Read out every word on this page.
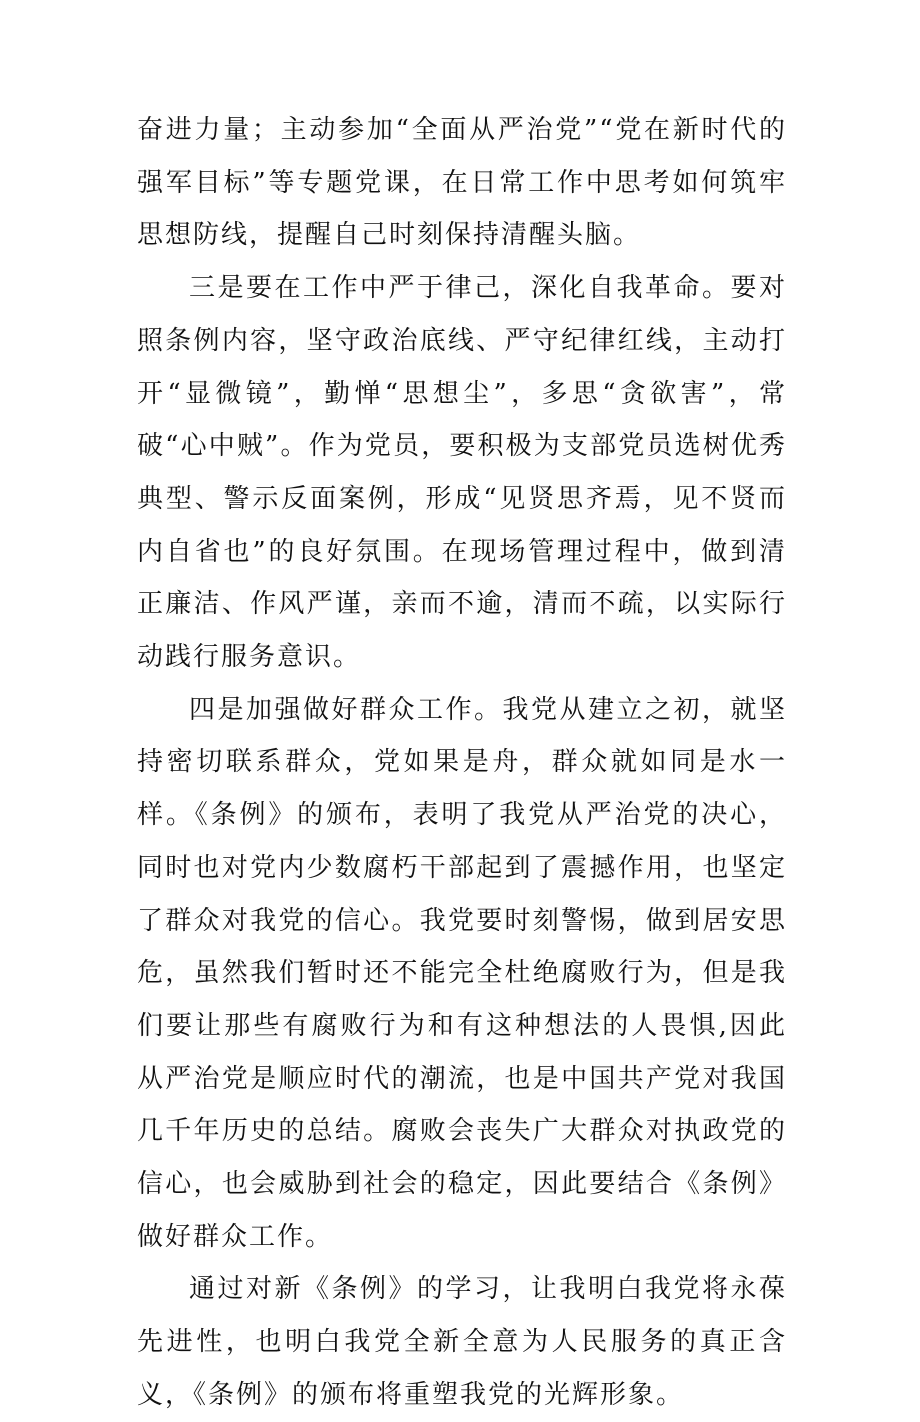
奋进力量；主动参加“全面从严治党”“党在新时代的强军目标”等专题党课，在日常工作中思考如何筑牢思想防线，提醒自己时刻保持清醒头脑。

三是要在工作中严于律己，深化自我革命。要对照条例内容，坚守政治底线、严守纪律红线，主动打开“显微镜”，勤惮“思想尘”，多思“贪欲害”，常破“心中贼”。作为党员，要积极为支部党员选树优秀典型、警示反面案例，形成“见贤思齐焉，见不贤而内自省也”的良好氛围。在现场管理过程中，做到清正廉洁、作风严谨，亲而不逾，清而不疏，以实际行动践行服务意识。

四是加强做好群众工作。我党从建立之初，就坚持密切联系群众，党如果是舟，群众就如同是水一样。《条例》的颁布，表明了我党从严治党的决心，同时也对党内少数腐朽干部起到了震撼作用，也坚定了群众对我党的信心。我党要时刻警惕，做到居安思危，虽然我们暂时还不能完全杜绝腐败行为，但是我们要让那些有腐败行为和有这种想法的人畏惧,因此从严治党是顺应时代的潮流，也是中国共产党对我国几千年历史的总结。腐败会丧失广大群众对执政党的信心，也会威胁到社会的稳定，因此要结合《条例》做好群众工作。

通过对新《条例》的学习，让我明白我党将永葆先进性，也明白我党全新全意为人民服务的真正含义，《条例》的颁布将重塑我党的光辉形象。
